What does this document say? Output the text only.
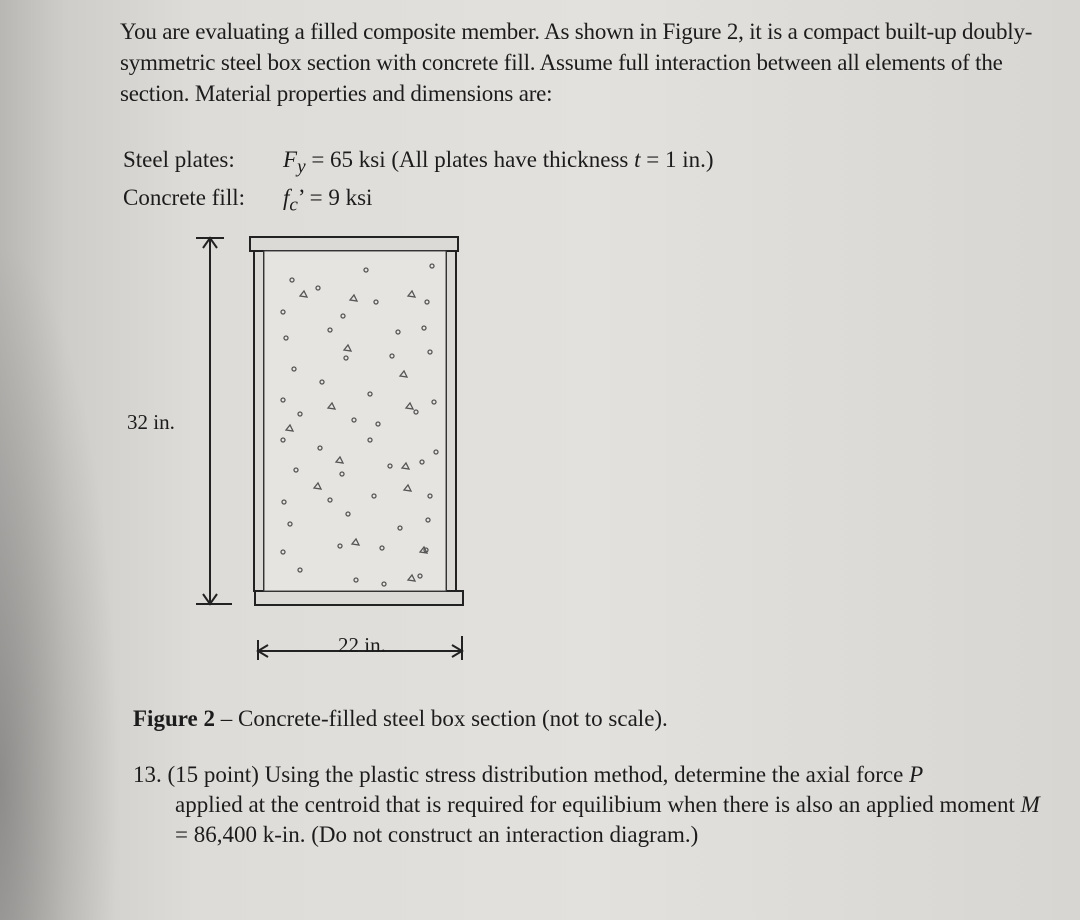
You are evaluating a filled composite member. As shown in Figure 2, it is a compact built-up doubly-symmetric steel box section with concrete fill. Assume full interaction between all elements of the section. Material properties and dimensions are:
Steel plates: $F_y = 65$ ksi (All plates have thickness t = 1 in.)
Concrete fill: $f_c$’ = 9 ksi
32 in.
22 in.
Figure 2 – Concrete-filled steel box section (not to scale).
13. (15 point) Using the plastic stress distribution method, determine the axial force P
applied at the centroid that is required for equilibium when there is also an applied moment M = 86,400 k-in. (Do not construct an interaction diagram.)
